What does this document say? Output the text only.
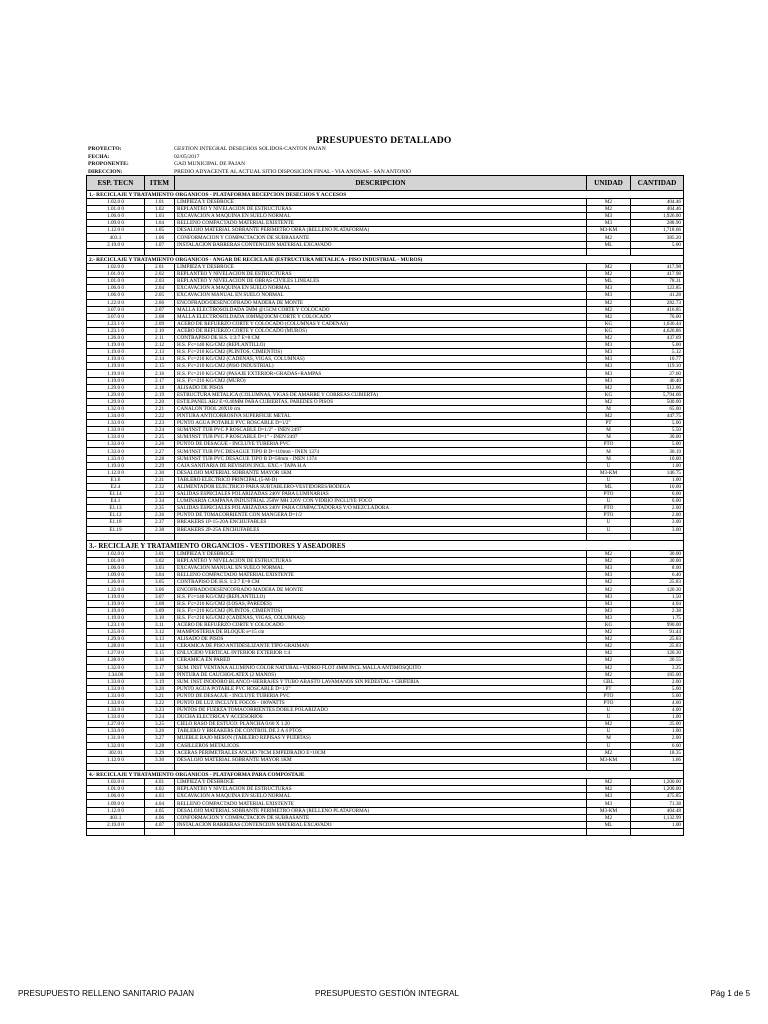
PRESUPUESTO DETALLADO
PROYECTO:	GESTION INTEGRAL DESECHOS SOLIDOS-CANTON PAJAN
FECHA:	02/05/2017
PROPONENTE:	GAD MUNICIPAL DE PAJAN
DIRECCION:	PREDIO ADYACENTE AL ACTUAL SITIO DISPOSICION FINAL - VIA ANONAS - SAN ANTONIO
ESP. TECN	ITEM	DESCRIPCION	UNIDAD	CANTIDAD
1.- RECICLAJE Y TRATAMIENTO ORGANICOS - PLATAFORMA RECEPCION DESECHOS Y ACCESOS				
1.02.0 0	1.01	LIMPIEZA Y DESBROCE	M2	404.46
1.01.0 0	1.02	REPLANTEO Y NIVELACION DE ESTRUCTURAS	M2	404.46
1.06.0 0	1.03	EXCAVACION A MAQUINA EN SUELO NORMAL	M3	1,926.00
1.09.0 0	1.04	RELLENO COMPACTADO MATERIAL EXISTENTE	M3	288.90
1.12.0 0	1.05	DESALOJO MATERIAL SOBRANTE PERIMETRO OBRA (RELLENO PLATAFORMA)	M3-KM	1,718.66
403.1	1.06	CONFORMACION Y COMPACTACION DE SUBRASANTE	M2	385.20
2.19.0 0	1.07	INSTALACION BARRERAS CONTENCION MATERIAL EXCAVADO	ML	5.00

2.- RECICLAJE Y TRATAMIENTO ORGANICOS - ANGAR DE RECICLAJE (ESTRUCTURA METALICA - PISO INDUSTRIAL - MUROS)				
1.02.0 0	2.01	LIMPIEZA Y DESBROCE	M2	417.98
1.01.0 0	2.02	REPLANTEO Y NIVELACION DE ESTRUCTURAS	M2	417.98
1.01.0 0	2.03	REPLANTEO Y NIVELACION DE OBRAS CIVILES LINEALES	ML	78.31
1.06.0 0	2.04	EXCAVACION A MAQUINA EN SUELO NORMAL	M3	123.85
1.06.0 0	2.05	EXCAVACION MANUAL EN SUELO NORMAL	M3	41.28
1.22.0 0	2.06	ENCOFRADO/DESENCOFRADO MADERA DE MONTE	M2	282.73
3.07.0 0	2.07	MALLA ELECTROSOLDADA 5MM @15CM CORTE Y COLOCADO	M2	416.85
3.07.0 0	2.08	MALLA ELECTROSOLDADA 10MM@20CM CORTE Y COLOCADO	M2	76.00
1.23.1 0	2.09	ACERO DE REFUERZO CORTE Y COLOCADO (COLUMNAS Y CADENAS)	KG	1,636.44
1.23.1 0	2.10	ACERO DE REFUERZO CORTE Y COLOCADO (MUROS)	KG	4,626.86
1.26.0 0	2.11	CONTRAPISO DE H.S. 1:3:7 E=8 CM	M2	437.69
1.19.0 0	2.12	H.S. F'c=140 KG/CM2 (REPLANTILLO)	M3	5.00
1.19.0 0	2.13	H.S. F'c=210 KG/CM2 (PLINTOS, CIMIENTOS)	M3	5.12
1.19.0 0	2.14	H.S. F'c=210 KG/CM2 (CADENAS, VIGAS, COLUMNAS)	M3	10.77
1.19.0 0	2.15	H.S. F'c=210 KG/CM2 (PISO INDUSTRIAL)	M3	119.10
1.19.0 0	2.16	H.S. F'c=210 KG/CM2 (PASAJE EXTERIOR+GRADAS+RAMPAS	M3	27.60
1.19.0 0	2.17	H.S. F'c=210 KG/CM2 (MURO)	M3	46.40
1.29.0 0	2.18	ALISADO DE PISOS	M2	512.06
1.29.0 0	2.19	ESTRUCTURA METALICA (COLUMNAS, VIGAS DE AMARRE Y CORREAS CUBIERTA)	KG	5,794.66
1.29.0 0	2.20	ESTILPANEL AR2 E=0.40MM PARA CUBIERTAS, PAREDES O PISOS	M2	500.00
1.32.0 0	2.21	CANALON TOOL 20X10 cm	M	65.00
1.34.0 0	2.22	PINTURA ANTICORROSIVA SUPERFICIE METAL	M2	447.75
1.33.0 0	2.23	PUNTO AGUA POTABLE PVC ROSCABLE D=1/2"	PT	5.00
1.33.0 0	2.24	SUM/INST TUB PVC P ROSCABLE D=1/2" - INEN 2497	M	5.50
1.33.0 0	2.25	SUM/INST TUB PVC P ROSCABLE D=1" - INEN 2497	M	30.00
1.33.0 0	2.26	PUNTO DE DESAGUE - INCLUYE TUBERIA PVC	PTO	5.00
1.33.0 0	2.27	SUM/INST TUB PVC DESAGUE TIPO B D=110mm - INEN 1374	M	30.19
1.33.0 0	2.28	SUM/INST TUB PVC DESAGUE TIPO B D=50mm - INEN 1374	M	10.00
1.19.0 0	2.29	CAJA SANITARIA DE REVISION INCL. EXC.+ TAPA H.A	U	1.00
1.12.0 0	2.30	DESALOJO MATERIAL SOBRANTE MAYOR 1KM	M3-KM	146.75
E1.6	2.31	TABLERO ELECTRICO PRINCIPAL (5-M-D)	U	1.00
E2.4	2.32	ALIMENTADOR ELECTRICO PARA SUBTABLERO-VESTIDORES/BODEGA	ML	10.00
E1.14	2.33	SALIDAS ESPECIALES POLARIZADAS 240V PARA LUMINARIAS	PTO	6.00
E4.1	2.34	LUMINARIA CAMPANA INDUSTRIAL 250W MH 220V CON VIDRIO INCLUYE FOCO	U	6.00
E1.13	2.35	SALIDAS ESPECIALES POLARIZADAS 240V PARA COMPACTADORAS Y/O MEZCLADORA	PTO	2.00
E1.12	2.36	PUNTO DE TOMACORRIENTE CON MANGERA D=1/2	PTO	2.00
E1.18	2.37	BREAKERS 1P-15-20A ENCHUFABLES	U	3.00
E1.19	2.38	BREAKERS 2P-25A ENCHUFABLES	U	3.00

3.- RECICLAJE Y TRATAMIENTO ORGANCIOS - VESTIDORES Y ASEADORES				
1.02.0 0	3.01	LIMPIEZA Y DESBROCE	M2	30.00
1.01.0 0	3.02	REPLANTEO Y NIVELACION DE ESTRUCTURAS	M2	30.00
1.06.0 0	3.03	EXCAVACION MANUAL EN SUELO NORMAL	M3	8.00
1.09.0 0	3.04	RELLENO COMPACTADO MATERIAL EXISTENTE	M3	6.40
1.26.0 0	3.05	CONTRAPISO DE H.S. 1:3:7 E=8 CM	M2	25.83
1.22.0 0	3.06	ENCOFRADO/DESENCOFRADO MADERA DE MONTE	M2	120.30
1.19.0 0	3.07	H.S. F'c=140 KG/CM2 (REPLANTILLO)	M3	1.50
1.19.0 0	3.08	H.S. F'c=210 KG/CM2 (LOSAS, PAREDES)	M3	4.04
1.19.0 0	3.09	H.S. F'c=210 KG/CM2 (PLINTOS, CIMIENTOS)	M3	2.38
1.19.0 0	3.10	H.S. F'c=210 KG/CM2 (CADENAS, VIGAS, COLUMNAS)	M3	1.75
1.23.1 0	3.11	ACERO DE REFUERZO CORTE Y COLOCADO	KG	990.00
1.25.0 0	3.12	MAMPOSTERIA DE BLOQUE e=15 cm	M2	91.44
1.29.0 0	3.13	ALISADO DE PISOS	M2	25.83
1.28.0 0	3.14	CERAMICA DE PISO ANTIDESLIZANTE TIPO GRAIMAN	M2	25.83
1.27.0 0	3.15	ENLUCIDO VERTICAL INTERIOR EXTERIOR 1:4	M2	120.30
1.28.0 0	3.16	CERAMICA EN PARED	M2	20.55
1.32.0 0	3.17	SUM. INST VENTANA ALUMINIO COLOR NATURAL+VIDRIO FLOT 4MM INCL MALLA ANTIMOSQUITO	M2	3.25
1.34.00	3.18	PINTURA DE CAUCHO/LATEX (2 MANOS)	M2	185.00
1.33.0 0	3.19	SUM. INST INODORO BLANCO+HERRAJES Y TUBO ABASTO LAVAMANOS SIN PEDESTAL + GRIFERIA	GBL	2.00
1.33.0 0	3.20	PUNTO AGUA POTABLE PVC ROSCABLE D=1/2"	PT	5.00
1.33.0 0	3.21	PUNTO DE DESAGUE - INCLUYE TUBERIA PVC	PTO	5.00
1.33.0 0	3.22	PUNTO DE LUZ INCLUYE FOCOS - 100WATTS	PTO	4.00
1.33.0 0	3.23	PUNTOS DE FUERZA TOMACORRIENTES DOBLE POLARIZADO	U	4.00
1.33.0 0	3.24	DUCHA ELECTRICA Y ACCESORIOS	U	1.00
1.27.0 0	3.25	CIELO RASO DE ESTUCO: PLANCHA 0.60 X 1.20	M2	25.00
1.33.0 0	3.26	TABLERO Y BREAKERS DE CONTROL DE 2 A 4 PTOS	U	1.00
1.31.0 0	3.27	MUEBLE BAJO MESON (TABLERO REPISAS Y PUERTAS)	M	2.00
1.32.0 0	3.28	CASILLEROS METALICOS	U	6.00
302.01	3.29	ACERAS PERIMETRALES ANCHO 70CM EMPEDRADO E=10CM	M2	18.35
1.12.0 0	3.30	DESALOJO MATERIAL SOBRANTE MAYOR 1KM	M3-KM	1.66

4.- RECICLAJE Y TRATAMIENTO ORGANICOS - PLATAFORMA PARA COMPOSTAJE				
1.02.0 0	4.01	LIMPIEZA Y DESBROCE	M2	1,200.00
1.01.0 0	4.02	REPLANTEO Y NIVELACION DE ESTRUCTURAS	M2	1,200.00
1.06.0 0	4.03	EXCAVACION A MAQUINA EN SUELO NORMAL	M3	475.85
1.09.0 0	4.04	RELLENO COMPACTADO MATERIAL EXISTENTE	M3	71.38
1.12.0 0	4.05	DESALOJO MATERIAL SOBRANTE PERIMETRO OBRA (RELLENO PLATAFORMA)	M3-KM	404.48
403.1	4.06	CONFORMACION Y COMPACTACION DE SUBRASANTE	M2	1,132.99
2.19.0 0	4.07	INSTALACION BARRERAS CONTENCION MATERIAL EXCAVADO	ML	1.00

PRESUPUESTO RELLENO SANITARIO PAJAN	PRESUPUESTO GESTIÓN INTEGRAL	Pág 1 de 5
